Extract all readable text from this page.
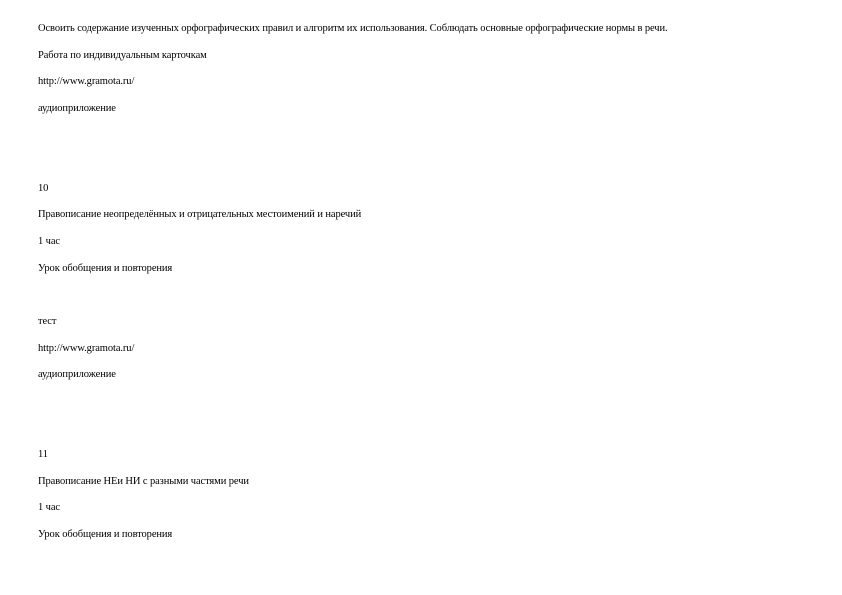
Освоить содержание изученных орфографических правил и алгоритм их использования. Соблюдать основные орфографические нормы в речи.
Работа по индивидуальным карточкам
http://www.gramota.ru/
аудиоприложение
10
Правописание неопределённых и отрицательных местоимений и наречий
1 час
Урок обобщения и повторения
тест
http://www.gramota.ru/
аудиоприложение
11
Правописание НЕи НИ с разными частями речи
1 час
Урок обобщения и повторения
